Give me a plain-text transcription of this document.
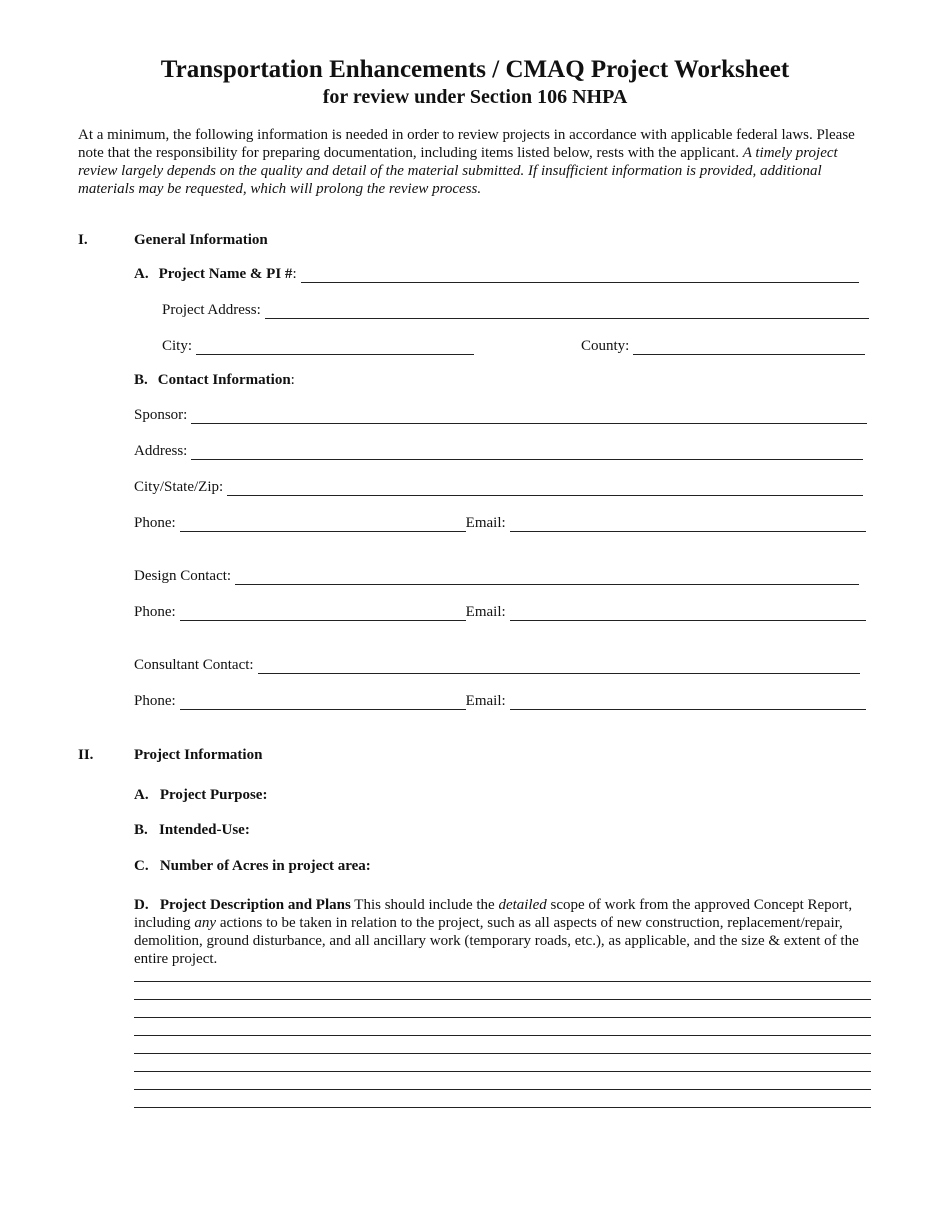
Transportation Enhancements / CMAQ Project Worksheet
for review under Section 106 NHPA
At a minimum, the following information is needed in order to review projects in accordance with applicable federal laws. Please note that the responsibility for preparing documentation, including items listed below, rests with the applicant. A timely project review largely depends on the quality and detail of the material submitted. If insufficient information is provided, additional materials may be requested, which will prolong the review process.
I.	General Information
A. Project Name & PI # :
Project Address:
City:	County:
B. Contact Information :
Sponsor:
Address:
City/State/Zip:
Phone:	Email:
Design Contact:
Phone:	Email:
Consultant Contact:
Phone:	Email:
II.	Project Information
A.   Project Purpose:
B.   Intended-Use:
C.   Number of Acres in project area:
D.   Project Description and Plans This should include the detailed scope of work from the approved Concept Report, including any actions to be taken in relation to the project, such as all aspects of new construction, replacement/repair, demolition, ground disturbance, and all ancillary work (temporary roads, etc.), as applicable, and the size & extent of the entire project.
